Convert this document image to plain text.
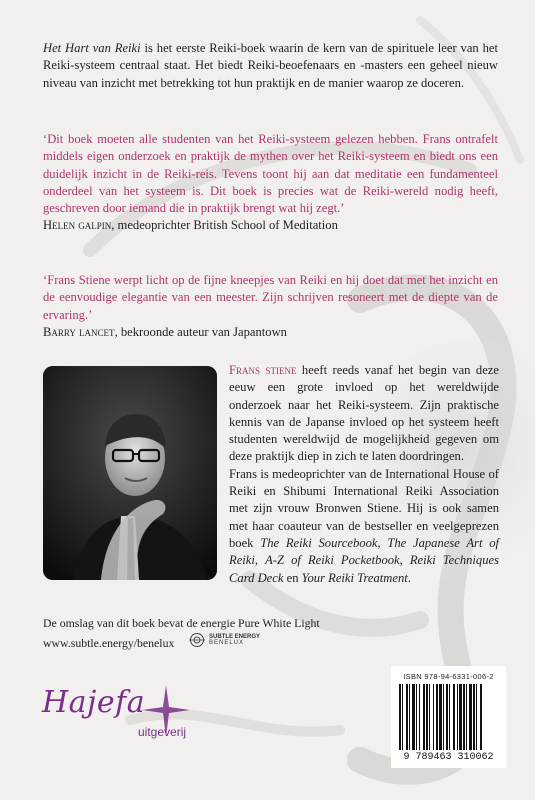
Het Hart van Reiki is het eerste Reiki-boek waarin de kern van de spirituele leer van het Reiki-systeem centraal staat. Het biedt Reiki-beoefenaars en -masters een geheel nieuw niveau van inzicht met betrekking tot hun praktijk en de manier waarop ze doceren.

‘Dit boek moeten alle studenten van het Reiki-systeem gelezen hebben. Frans ontrafelt middels eigen onderzoek en praktijk de mythen over het Reiki-systeem en biedt ons een duidelijk inzicht in de Reiki-reis. Tevens toont hij aan dat meditatie een fundamenteel onderdeel van het systeem is. Dit boek is precies wat de Reiki-wereld nodig heeft, geschreven door iemand die in praktijk brengt wat hij zegt.’

Helen galpin, medeoprichter British School of Meditation

‘Frans Stiene werpt licht op de fijne kneepjes van Reiki en hij doet dat met het inzicht en de eenvoudige elegantie van een meester. Zijn schrijven resoneert met de diepte van de ervaring.’

Barry lancet, bekroonde auteur van Japantown

Frans stiene heeft reeds vanaf het begin van deze eeuw een grote invloed op het wereldwijde onderzoek naar het Reiki-systeem. Zijn praktische kennis van de Japanse invloed op het systeem heeft studenten wereldwijd de mogelijkheid gegeven om deze praktijk diep in zich te laten doordringen.

Frans is medeoprichter van de International House of Reiki en Shibumi International Reiki Association met zijn vrouw Bronwen Stiene. Hij is ook samen met haar coauteur van de bestseller en veelgeprezen boek The Reiki Sourcebook, The Japanese Art of Reiki, A-Z of Reiki Pocketbook, Reiki Techniques Card Deck en Your Reiki Treatment.

De omslag van dit boek bevat de energie Pure White Light
www.subtle.energy/benelux	SUBTLE ENERGY
BENELUX
Hajefa
uitgeverij
ISBN 978-94-6331-006-2
9 789463 310062
